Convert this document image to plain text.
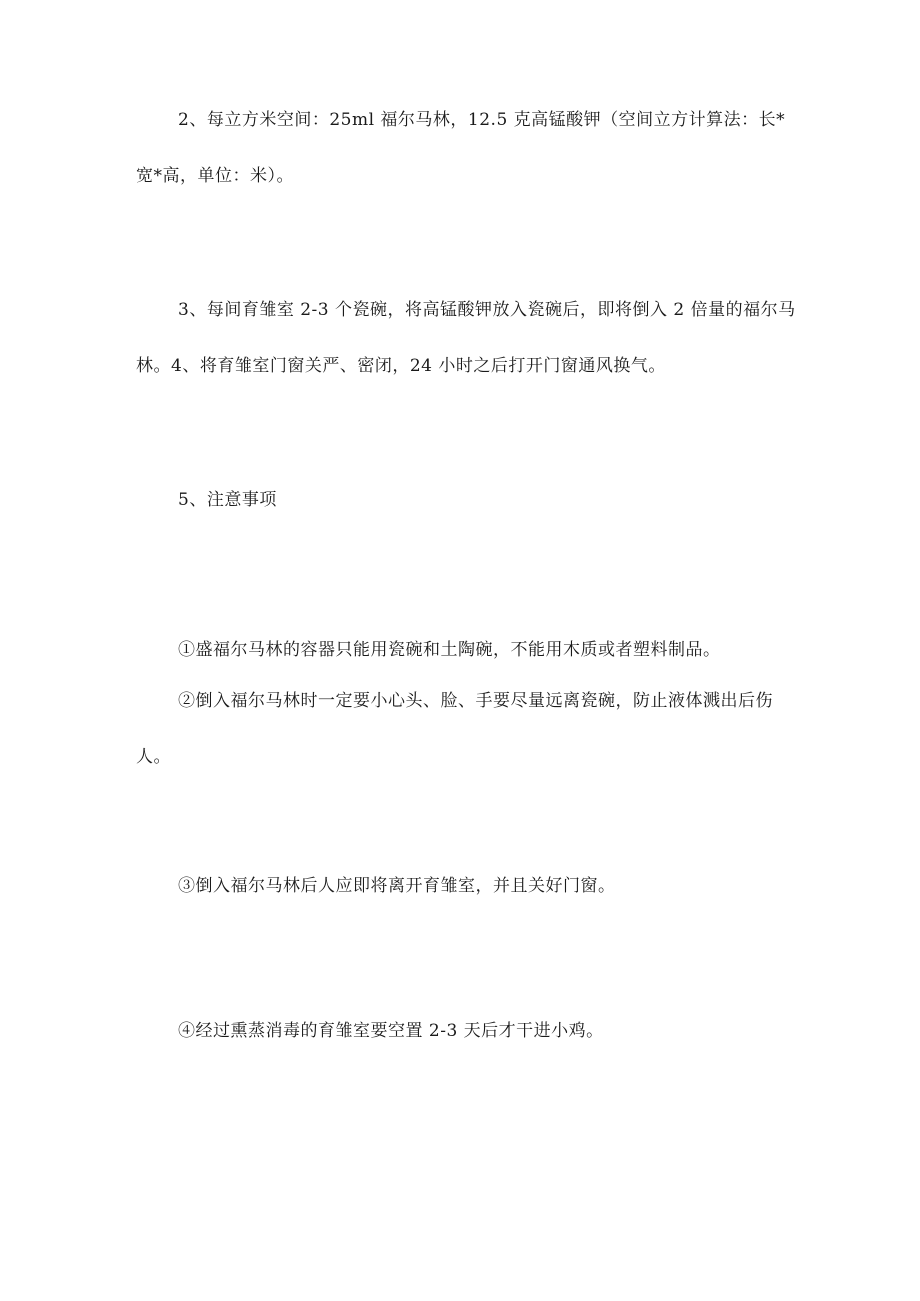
2、每立方米空间：25ml 福尔马林，12.5 克高锰酸钾（空间立方计算法：长*宽*高，单位：米）。

3、每间育雏室 2-3 个瓷碗，将高锰酸钾放入瓷碗后，即将倒入 2 倍量的福尔马林。4、将育雏室门窗关严、密闭，24 小时之后打开门窗通风换气。

5、注意事项

①盛福尔马林的容器只能用瓷碗和土陶碗，不能用木质或者塑料制品。

②倒入福尔马林时一定要小心头、脸、手要尽量远离瓷碗，防止液体溅出后伤人。

③倒入福尔马林后人应即将离开育雏室，并且关好门窗。

④经过熏蒸消毒的育雏室要空置 2-3 天后才干进小鸡。
